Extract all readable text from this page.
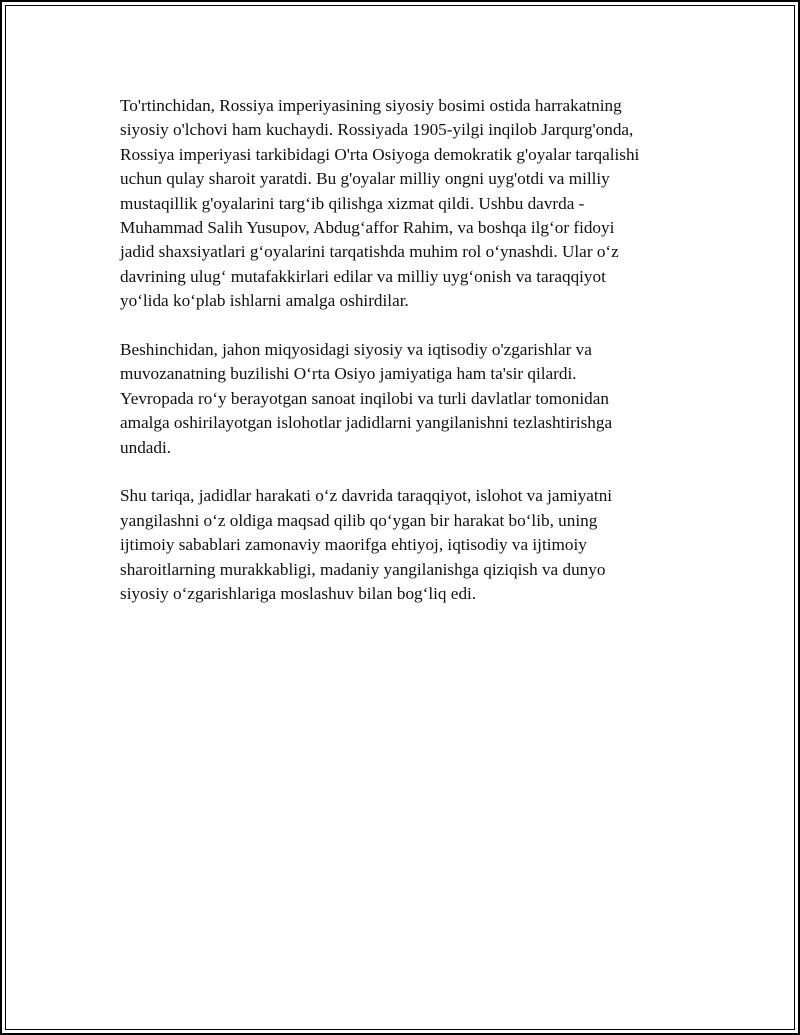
To'rtinchidan, Rossiya imperiyasining siyosiy bosimi ostida harrakatning
siyosiy o'lchovi ham kuchaydi. Rossiyada 1905-yilgi inqilob Jarqurg'onda,
Rossiya imperiyasi tarkibidagi O'rta Osiyoga demokratik g'oyalar tarqalishi
uchun qulay sharoit yaratdi. Bu g'oyalar milliy ongni uyg'otdi va milliy
mustaqillik g'oyalarini targ‘ib qilishga xizmat qildi. Ushbu davrda -
Muhammad Salih Yusupov, Abdug‘affor Rahim, va boshqa ilg‘or fidoyi
jadid shaxsiyatlari g‘oyalarini tarqatishda muhim rol o‘ynashdi. Ular o‘z
davrining ulug‘ mutafakkirlari edilar va milliy uyg‘onish va taraqqiyot
yo‘lida ko‘plab ishlarni amalga oshirdilar.

Beshinchidan, jahon miqyosidagi siyosiy va iqtisodiy o'zgarishlar va
muvozanatning buzilishi O‘rta Osiyo jamiyatiga ham ta'sir qilardi.
Yevropada ro‘y berayotgan sanoat inqilobi va turli davlatlar tomonidan
amalga oshirilayotgan islohotlar jadidlarni yangilanishni tezlashtirishga
undadi.

Shu tariqa, jadidlar harakati o‘z davrida taraqqiyot, islohot va jamiyatni
yangilashni o‘z oldiga maqsad qilib qo‘ygan bir harakat bo‘lib, uning
ijtimoiy sabablari zamonaviy maorifga ehtiyoj, iqtisodiy va ijtimoiy
sharoitlarning murakkabligi, madaniy yangilanishga qiziqish va dunyo
siyosiy o‘zgarishlariga moslashuv bilan bog‘liq edi.
